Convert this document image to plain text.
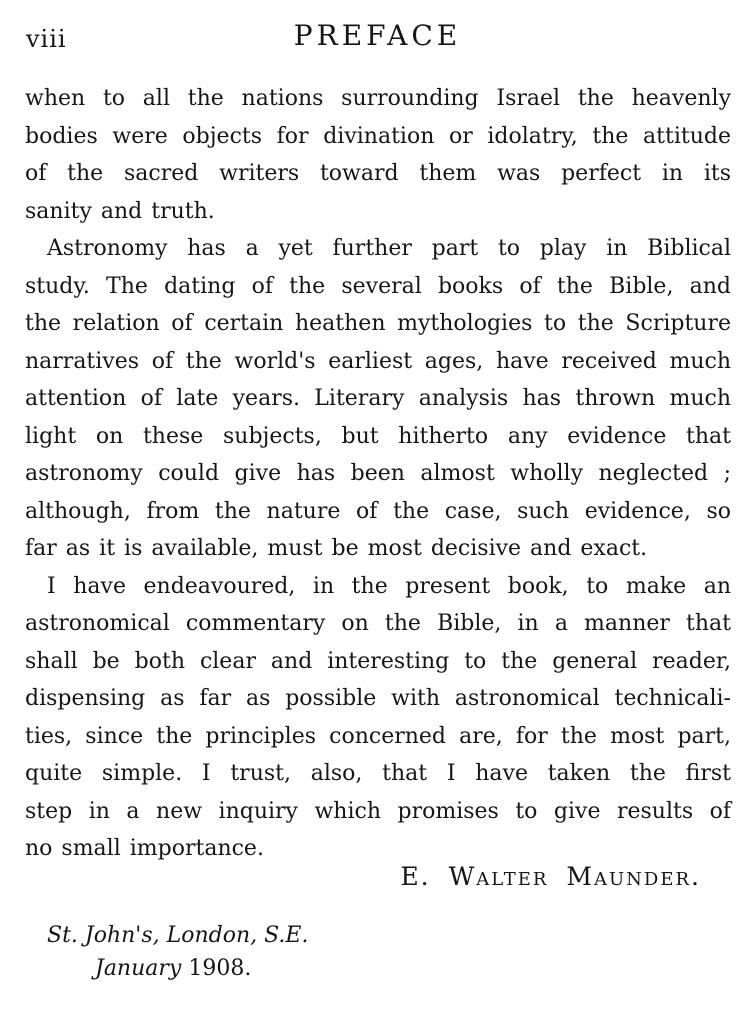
viii	PREFACE
when to all the nations surrounding Israel the heavenly
bodies were objects for divination or idolatry, the attitude
of the sacred writers toward them was perfect in its
sanity and truth.
Astronomy has a yet further part to play in Biblical
study. The dating of the several books of the Bible, and
the relation of certain heathen mythologies to the Scripture
narratives of the world's earliest ages, have received much
attention of late years. Literary analysis has thrown much
light on these subjects, but hitherto any evidence that
astronomy could give has been almost wholly neglected ;
although, from the nature of the case, such evidence, so
far as it is available, must be most decisive and exact.
I have endeavoured, in the present book, to make an
astronomical commentary on the Bible, in a manner that
shall be both clear and interesting to the general reader,
dispensing as far as possible with astronomical technicali-
ties, since the principles concerned are, for the most part,
quite simple. I trust, also, that I have taken the first
step in a new inquiry which promises to give results of
no small importance.
E. Walter Maunder.
St. John's, London, S.E.
January 1908.
